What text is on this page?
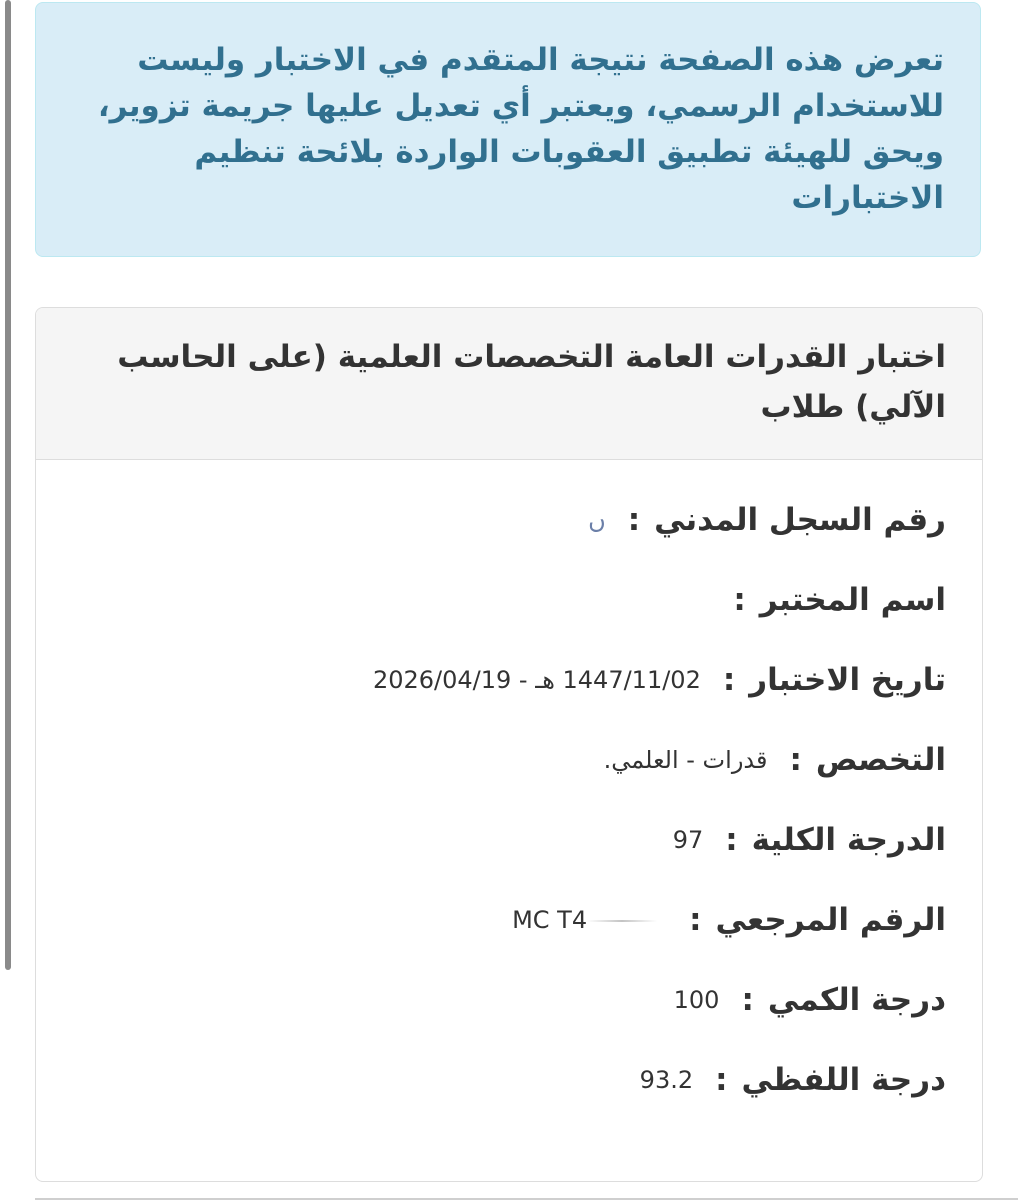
تعرض هذه الصفحة نتيجة المتقدم في الاختبار وليست للاستخدام الرسمي، ويعتبر أي تعديل عليها جريمة تزوير، ويحق للهيئة تطبيق العقوبات الواردة بلائحة تنظيم الاختبارات

اختبار القدرات العامة التخصصات العلمية (على الحاسب الآلي) طلاب

رقم السجل المدني
:
ں
اسم المختبر
:
تاريخ الاختبار
:
1447/11/02 هـ - 2026/04/19
التخصص
:
قدرات - العلمي.
الدرجة الكلية
:
97
الرقم المرجعي
:
MC T4
درجة الكمي
:
100
درجة اللفظي
:
93.2
